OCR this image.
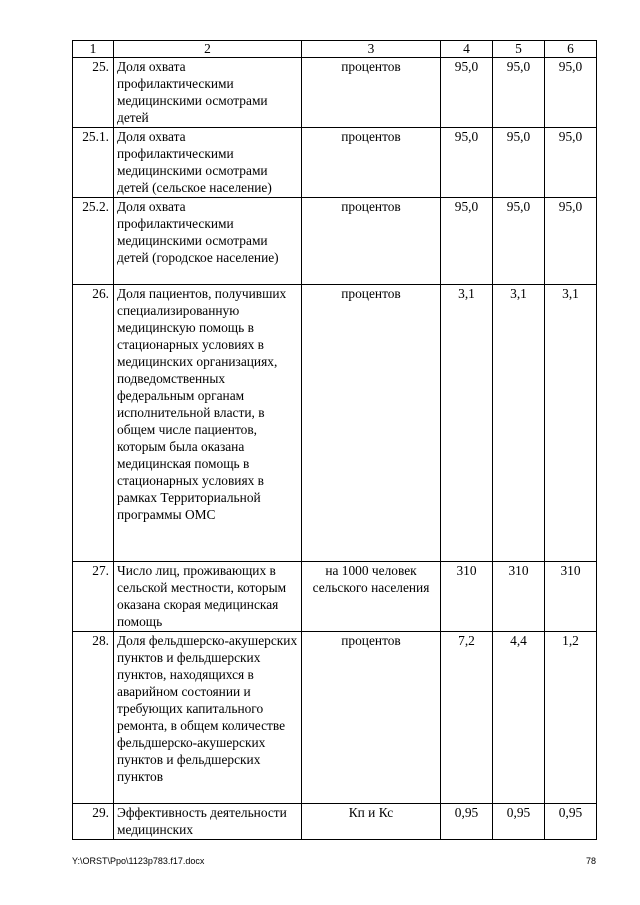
1	2	3	4	5	6
25.	Доля охвата профилактическими медицинскими осмотрами детей	процентов	95,0	95,0	95,0
25.1.	Доля охвата профилактическими медицинскими осмотрами детей (сельское население)	процентов	95,0	95,0	95,0
25.2.	Доля охвата профилактическими медицинскими осмотрами детей (городское население)	процентов	95,0	95,0	95,0
26.	Доля пациентов, получивших специализированную медицинскую помощь в стационарных условиях в медицинских организациях, подведомственных федеральным органам исполнительной власти, в общем числе пациентов, которым была оказана медицинская помощь в стационарных условиях в рамках Территориальной программы ОМС	процентов	3,1	3,1	3,1
27.	Число лиц, проживающих в сельской местности, которым оказана скорая медицинская помощь	на 1000 человек сельского населения	310	310	310
28.	Доля фельдшерско-акушерских пунктов и фельдшерских пунктов, находящихся в аварийном состоянии и требующих капитального ремонта, в общем количестве фельдшерско-акушерских пунктов и фельдшерских пунктов	процентов	7,2	4,4	1,2
29.	Эффективность деятельности медицинских	Кп и Кс	0,95	0,95	0,95
Y:\ORST\Ppo\1123p783.f17.docx	78
